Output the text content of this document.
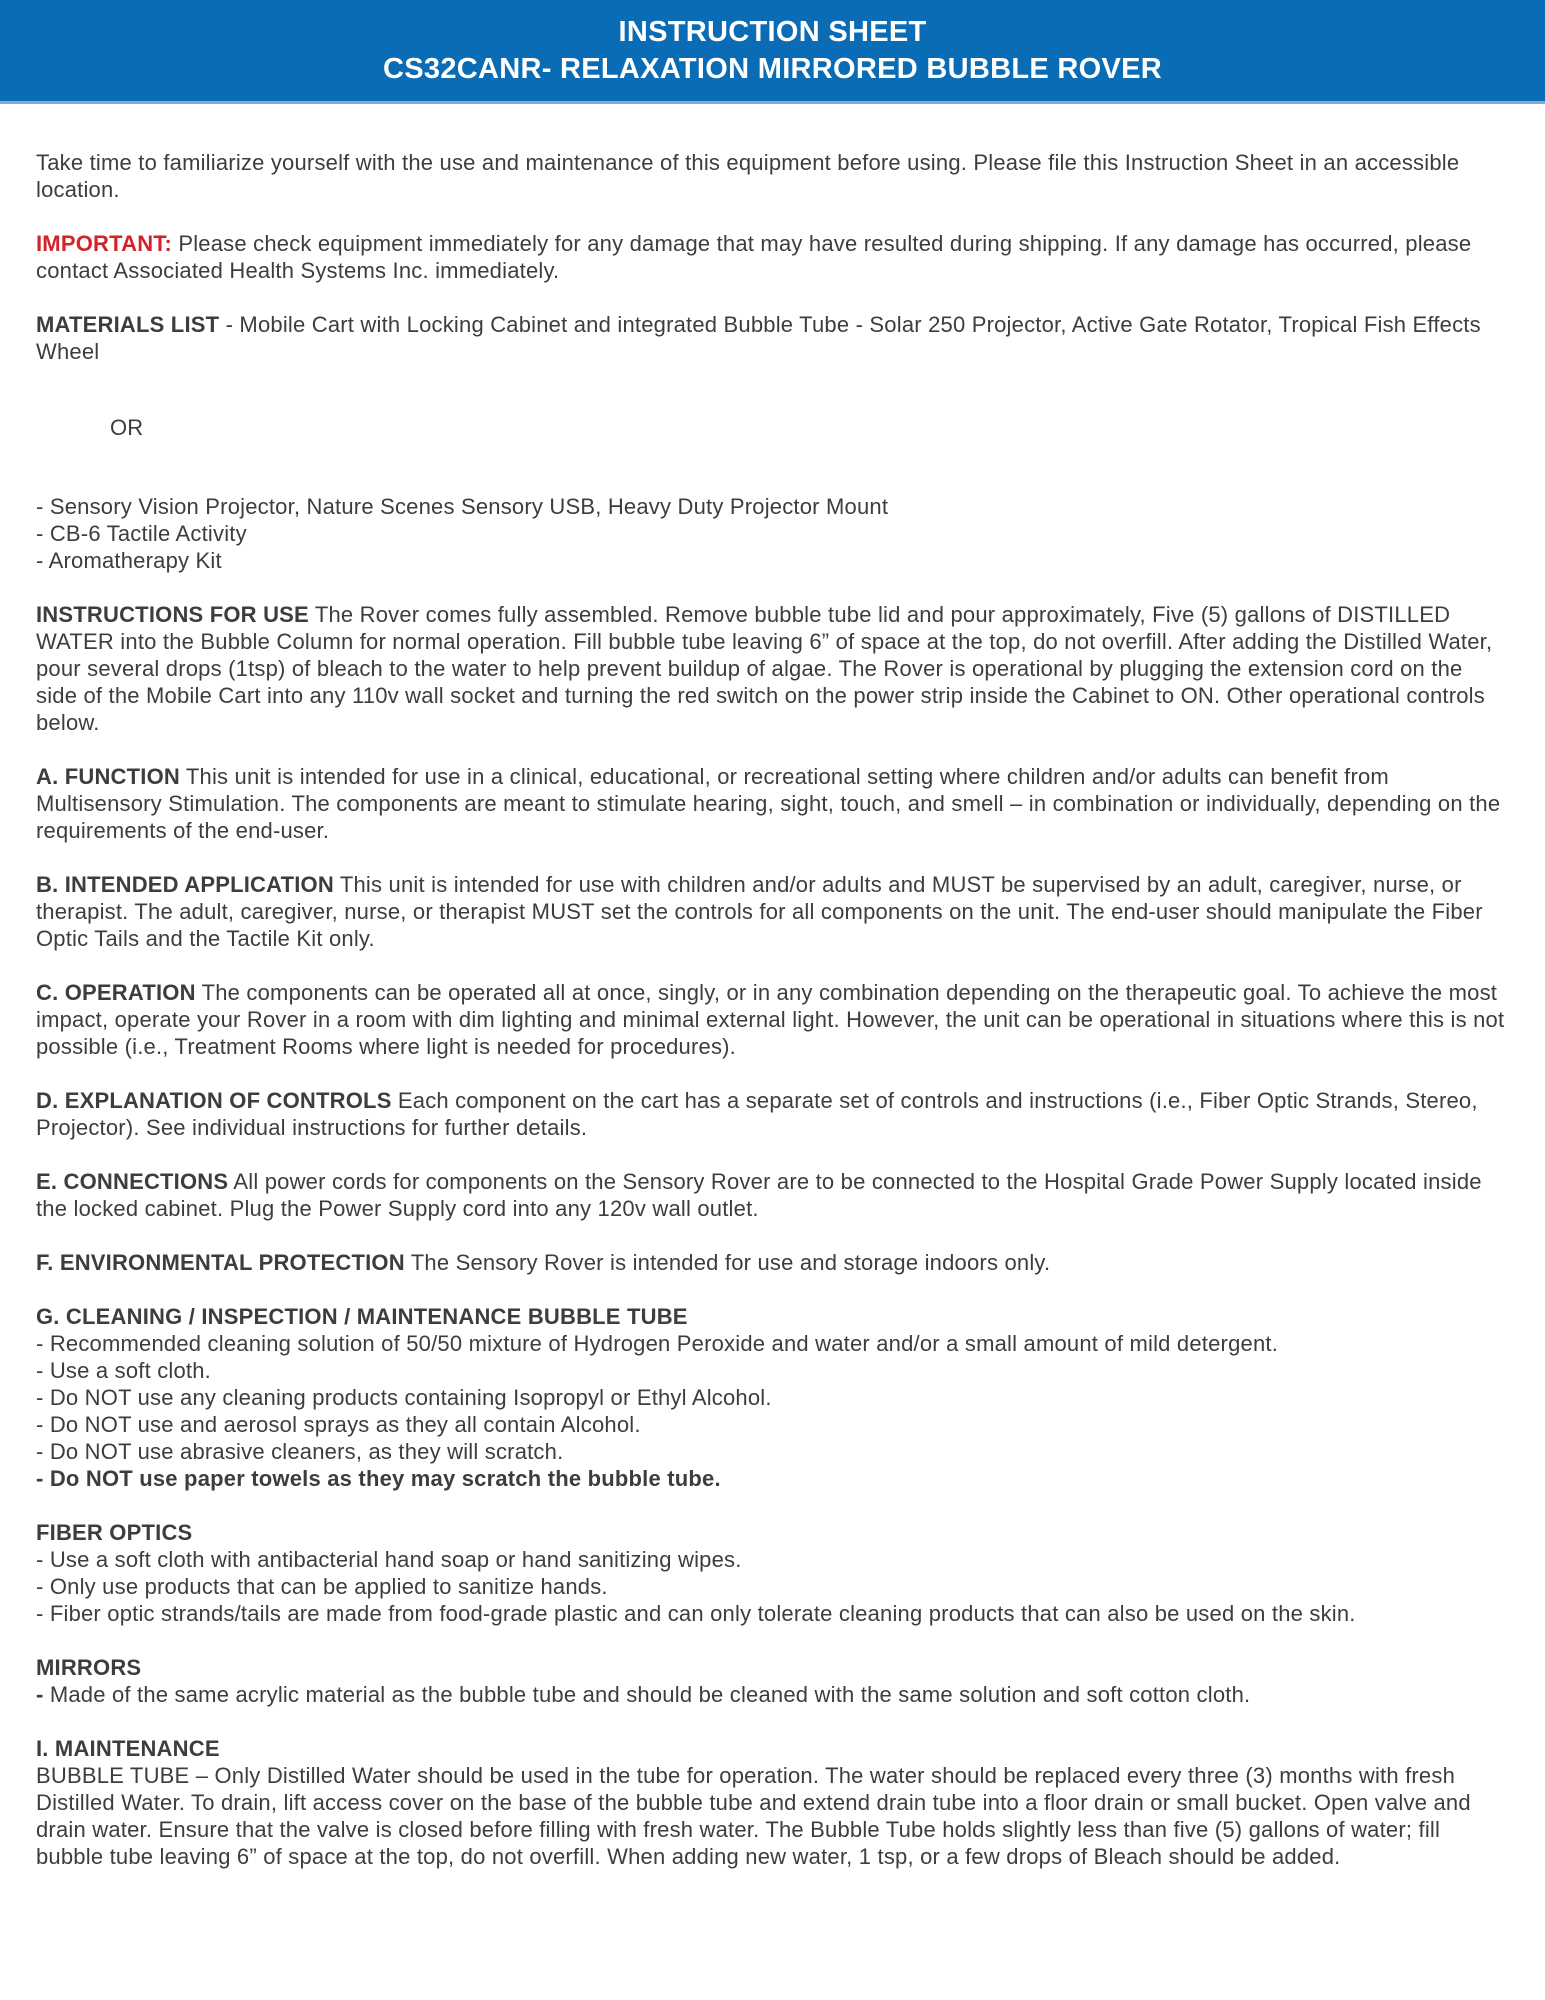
INSTRUCTION SHEET
CS32CANR- RELAXATION MIRRORED BUBBLE ROVER

Take time to familiarize yourself with the use and maintenance of this equipment before using. Please file this Instruction Sheet in an accessible location.

IMPORTANT: Please check equipment immediately for any damage that may have resulted during shipping. If any damage has occurred, please contact Associated Health Systems Inc. immediately.

MATERIALS LIST - Mobile Cart with Locking Cabinet and integrated Bubble Tube - Solar 250 Projector, Active Gate Rotator, Tropical Fish Effects Wheel

OR

- Sensory Vision Projector, Nature Scenes Sensory USB, Heavy Duty Projector Mount
- CB-6 Tactile Activity
- Aromatherapy Kit

INSTRUCTIONS FOR USE The Rover comes fully assembled. Remove bubble tube lid and pour approximately, Five (5) gallons of DISTILLED WATER into the Bubble Column for normal operation. Fill bubble tube leaving 6” of space at the top, do not overfill. After adding the Distilled Water, pour several drops (1tsp) of bleach to the water to help prevent buildup of algae. The Rover is operational by plugging the extension cord on the side of the Mobile Cart into any 110v wall socket and turning the red switch on the power strip inside the Cabinet to ON. Other operational controls below.

A. FUNCTION This unit is intended for use in a clinical, educational, or recreational setting where children and/or adults can benefit from Multisensory Stimulation. The components are meant to stimulate hearing, sight, touch, and smell – in combination or individually, depending on the requirements of the end-user.

B. INTENDED APPLICATION This unit is intended for use with children and/or adults and MUST be supervised by an adult, caregiver, nurse, or therapist. The adult, caregiver, nurse, or therapist MUST set the controls for all components on the unit. The end-user should manipulate the Fiber Optic Tails and the Tactile Kit only.

C. OPERATION The components can be operated all at once, singly, or in any combination depending on the therapeutic goal. To achieve the most impact, operate your Rover in a room with dim lighting and minimal external light. However, the unit can be operational in situations where this is not possible (i.e., Treatment Rooms where light is needed for procedures).

D. EXPLANATION OF CONTROLS Each component on the cart has a separate set of controls and instructions (i.e., Fiber Optic Strands, Stereo, Projector). See individual instructions for further details.

E. CONNECTIONS All power cords for components on the Sensory Rover are to be connected to the Hospital Grade Power Supply located inside the locked cabinet. Plug the Power Supply cord into any 120v wall outlet.

F. ENVIRONMENTAL PROTECTION The Sensory Rover is intended for use and storage indoors only.

G. CLEANING / INSPECTION / MAINTENANCE BUBBLE TUBE
- Recommended cleaning solution of 50/50 mixture of Hydrogen Peroxide and water and/or a small amount of mild detergent.
- Use a soft cloth.
- Do NOT use any cleaning products containing Isopropyl or Ethyl Alcohol.
- Do NOT use and aerosol sprays as they all contain Alcohol.
- Do NOT use abrasive cleaners, as they will scratch.
- Do NOT use paper towels as they may scratch the bubble tube.
FIBER OPTICS
- Use a soft cloth with antibacterial hand soap or hand sanitizing wipes.
- Only use products that can be applied to sanitize hands.
- Fiber optic strands/tails are made from food-grade plastic and can only tolerate cleaning products that can also be used on the skin.
MIRRORS
- Made of the same acrylic material as the bubble tube and should be cleaned with the same solution and soft cotton cloth.
I. MAINTENANCE
BUBBLE TUBE – Only Distilled Water should be used in the tube for operation. The water should be replaced every three (3) months with fresh Distilled Water. To drain, lift access cover on the base of the bubble tube and extend drain tube into a floor drain or small bucket. Open valve and drain water. Ensure that the valve is closed before filling with fresh water. The Bubble Tube holds slightly less than five (5) gallons of water; fill bubble tube leaving 6” of space at the top, do not overfill. When adding new water, 1 tsp, or a few drops of Bleach should be added.
